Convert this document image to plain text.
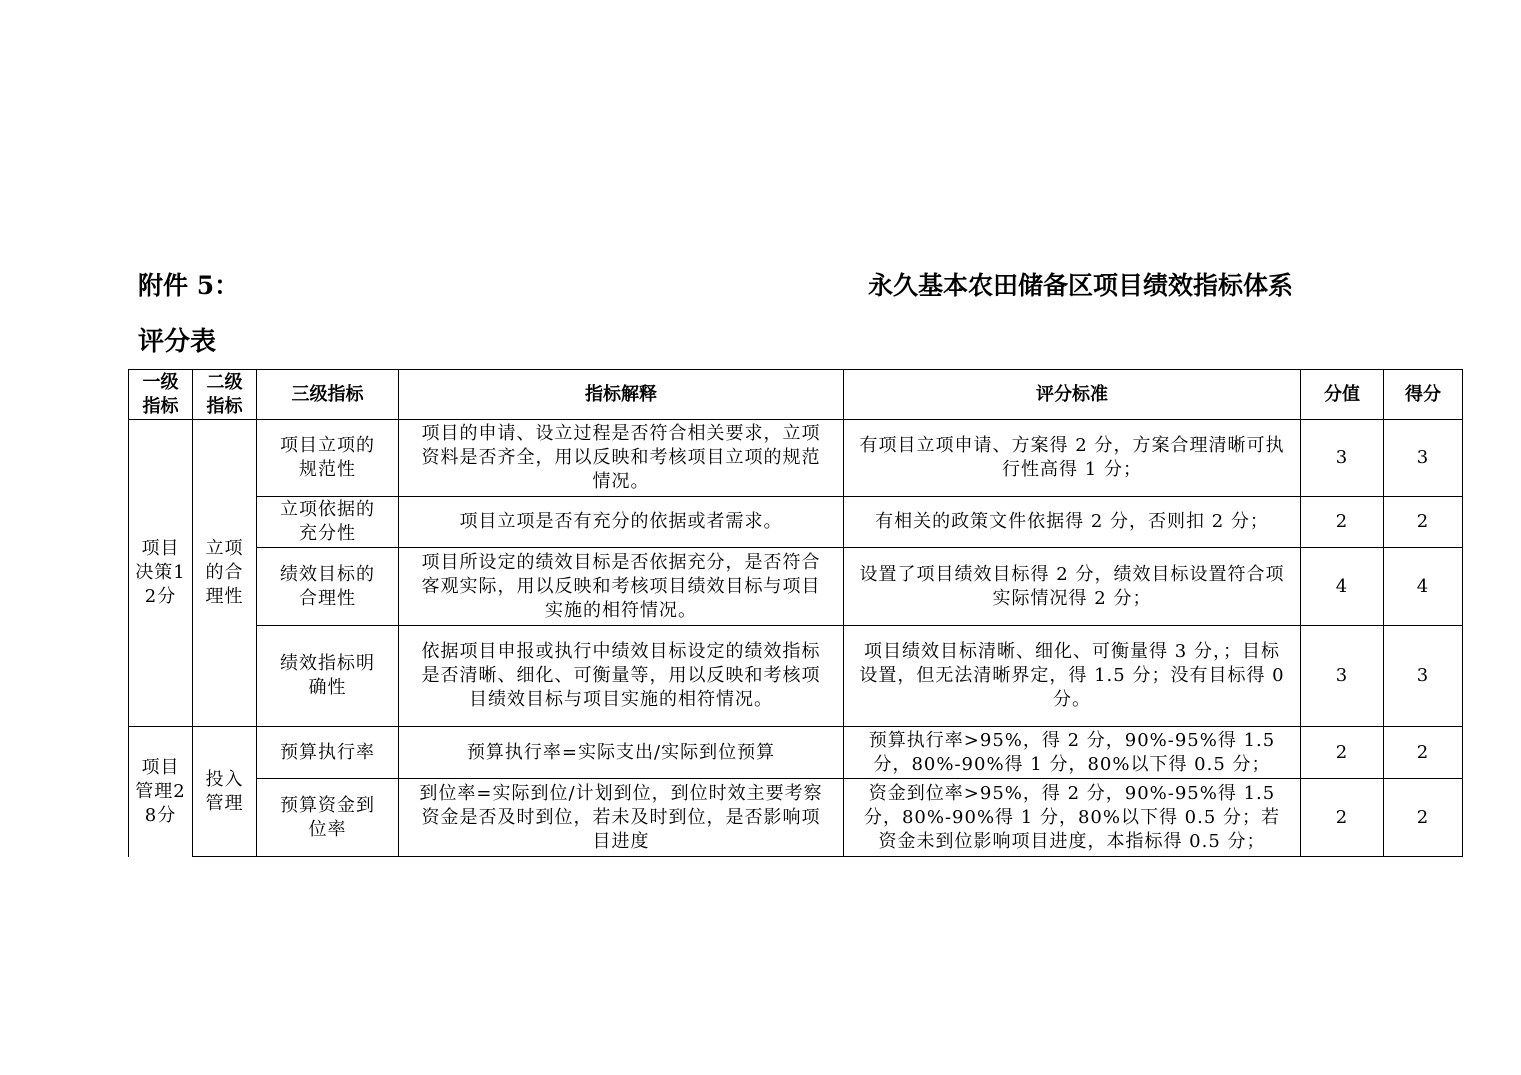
附件 5：	永久基本农田储备区项目绩效指标体系
评分表
一级指标	二级指标	三级指标	指标解释	评分标准	分值	得分
项目决策12分	立项的合理性	项目立项的规范性	项目的申请、设立过程是否符合相关要求，立项资料是否齐全，用以反映和考核项目立项的规范情况。	有项目立项申请、方案得 2 分，方案合理清晰可执行性高得 1 分；	3	3
		立项依据的充分性	项目立项是否有充分的依据或者需求。	有相关的政策文件依据得 2 分，否则扣 2 分；	2	2
		绩效目标的合理性	项目所设定的绩效目标是否依据充分，是否符合客观实际，用以反映和考核项目绩效目标与项目实施的相符情况。	设置了项目绩效目标得 2 分，绩效目标设置符合项实际情况得 2 分；	4	4
		绩效指标明确性	依据项目申报或执行中绩效目标设定的绩效指标是否清晰、细化、可衡量等，用以反映和考核项目绩效目标与项目实施的相符情况。	项目绩效目标清晰、细化、可衡量得 3 分，；目标设置，但无法清晰界定，得 1.5 分；没有目标得 0 分。	3	3
项目管理28分	投入管理	预算执行率	预算执行率=实际支出/实际到位预算	预算执行率>95%，得 2 分，90%-95%得 1.5 分，80%-90%得 1 分，80%以下得 0.5 分；	2	2
		预算资金到位率	到位率=实际到位/计划到位，到位时效主要考察资金是否及时到位，若未及时到位，是否影响项目进度	资金到位率>95%，得 2 分，90%-95%得 1.5 分，80%-90%得 1 分，80%以下得 0.5 分；若资金未到位影响项目进度，本指标得 0.5 分；	2	2
